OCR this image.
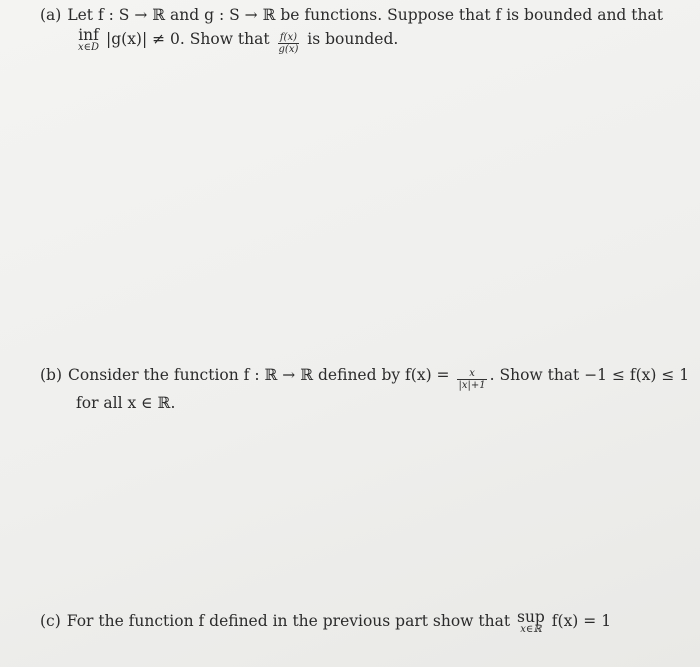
(a) Let f : S → ℝ and g : S → ℝ be functions. Suppose that f is bounded and that
inf
x∈D |g(x)| ≠ 0. Show that $\frac{f(x)}{g(x)}$ is bounded.
(b) Consider the function f : ℝ → ℝ defined by $f(x) = \frac{x}{|x|+1}$ . Show that −1 ≤ f(x) ≤ 1
for all x ∈ ℝ.
(c) For the function f defined in the previous part show that sup
x∈ℝ f(x) = 1
